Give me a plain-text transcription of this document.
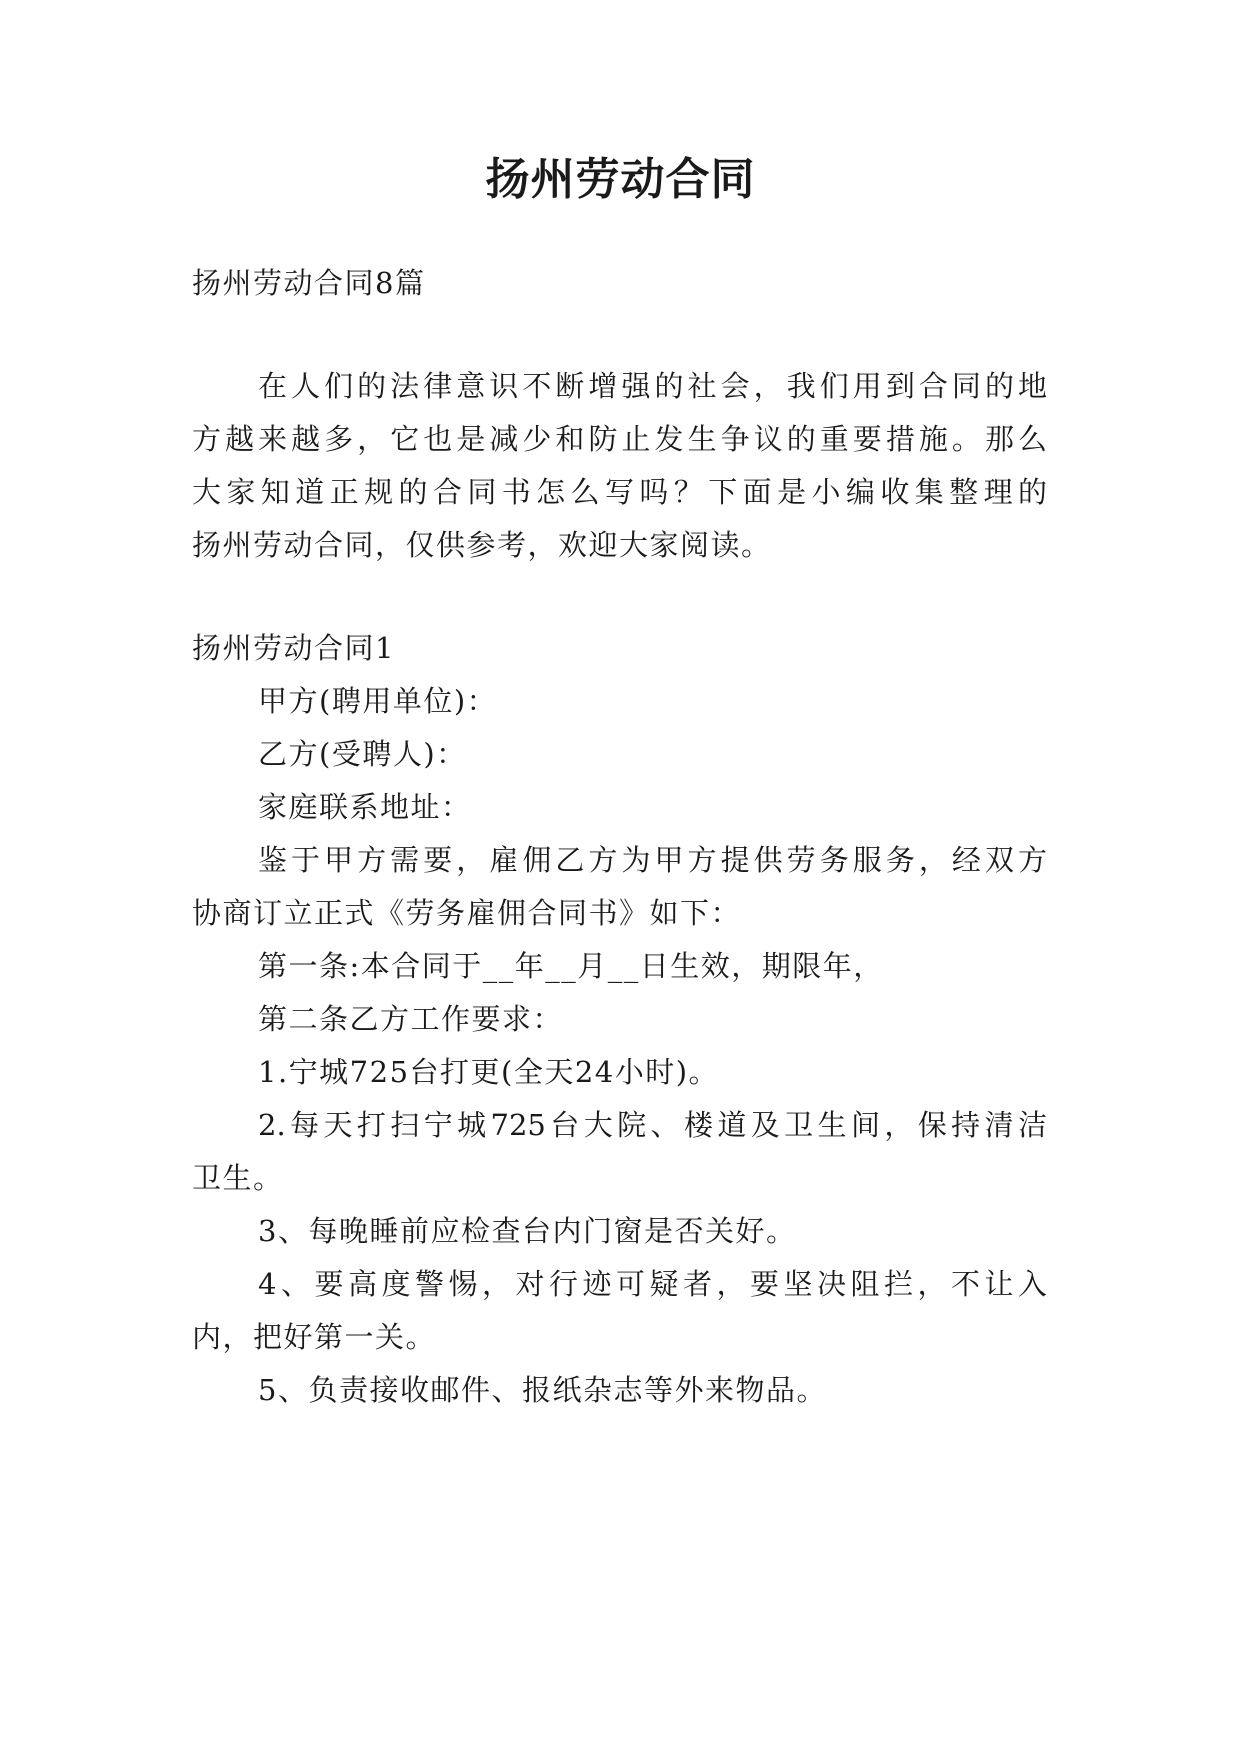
扬州劳动合同
扬州劳动合同8篇
在人们的法律意识不断增强的社会，我们用到合同的地
方越来越多，它也是减少和防止发生争议的重要措施。那么
大家知道正规的合同书怎么写吗？下面是小编收集整理的
扬州劳动合同，仅供参考，欢迎大家阅读。
扬州劳动合同1
甲方(聘用单位)：
乙方(受聘人)：
家庭联系地址：
鉴于甲方需要，雇佣乙方为甲方提供劳务服务，经双方
协商订立正式《劳务雇佣合同书》如下：
第一条:本合同于__年__月__日生效，期限年，
第二条乙方工作要求：
1.宁城725台打更(全天24小时)。
2.每天打扫宁城725台大院、楼道及卫生间，保持清洁
卫生。
3、每晚睡前应检查台内门窗是否关好。
4、要高度警惕，对行迹可疑者，要坚决阻拦，不让入
内，把好第一关。
5、负责接收邮件、报纸杂志等外来物品。
